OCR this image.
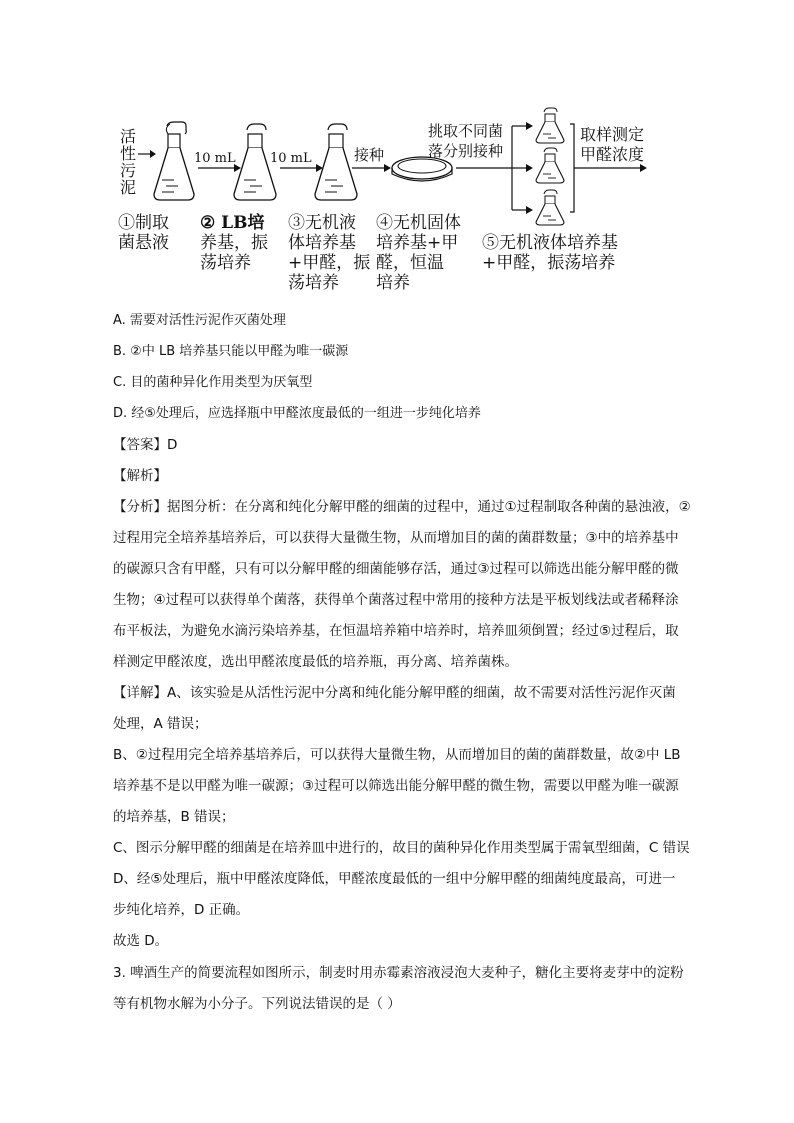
活
性
污
泥
10 mL	10 mL	接种
挑取不同菌
落分别接种
取样测定
甲醛浓度
①制取
菌悬液
② LB培
养基，振
荡培养
③无机液
体培养基
+甲醛，振
荡培养
④无机固体
培养基+甲
醛，恒温
培养
⑤无机液体培养基
+甲醛，振荡培养
A. 需要对活性污泥作灭菌处理
B. ②中 LB 培养基只能以甲醛为唯一碳源
C. 目的菌种异化作用类型为厌氧型
D. 经⑤处理后，应选择瓶中甲醛浓度最低的一组进一步纯化培养
【答案】D
【解析】
【分析】据图分析：在分离和纯化分解甲醛的细菌的过程中，通过①过程制取各种菌的悬浊液，②
过程用完全培养基培养后，可以获得大量微生物，从而增加目的菌的菌群数量；③中的培养基中
的碳源只含有甲醛，只有可以分解甲醛的细菌能够存活，通过③过程可以筛选出能分解甲醛的微
生物；④过程可以获得单个菌落，获得单个菌落过程中常用的接种方法是平板划线法或者稀释涂
布平板法，为避免水滴污染培养基，在恒温培养箱中培养时，培养皿须倒置；经过⑤过程后，取
样测定甲醛浓度，选出甲醛浓度最低的培养瓶，再分离、培养菌株。
【详解】A、该实验是从活性污泥中分离和纯化能分解甲醛的细菌，故不需要对活性污泥作灭菌
处理，A 错误；
B、②过程用完全培养基培养后，可以获得大量微生物，从而增加目的菌的菌群数量，故②中 LB
培养基不是以甲醛为唯一碳源；③过程可以筛选出能分解甲醛的微生物，需要以甲醛为唯一碳源
的培养基，B 错误；
C、图示分解甲醛的细菌是在培养皿中进行的，故目的菌种异化作用类型属于需氧型细菌，C 错误
D、经⑤处理后，瓶中甲醛浓度降低，甲醛浓度最低的一组中分解甲醛的细菌纯度最高，可进一
步纯化培养，D 正确。
故选 D。
3. 啤酒生产的简要流程如图所示，制麦时用赤霉素溶液浸泡大麦种子，糖化主要将麦芽中的淀粉
等有机物水解为小分子。下列说法错误的是（ ）
